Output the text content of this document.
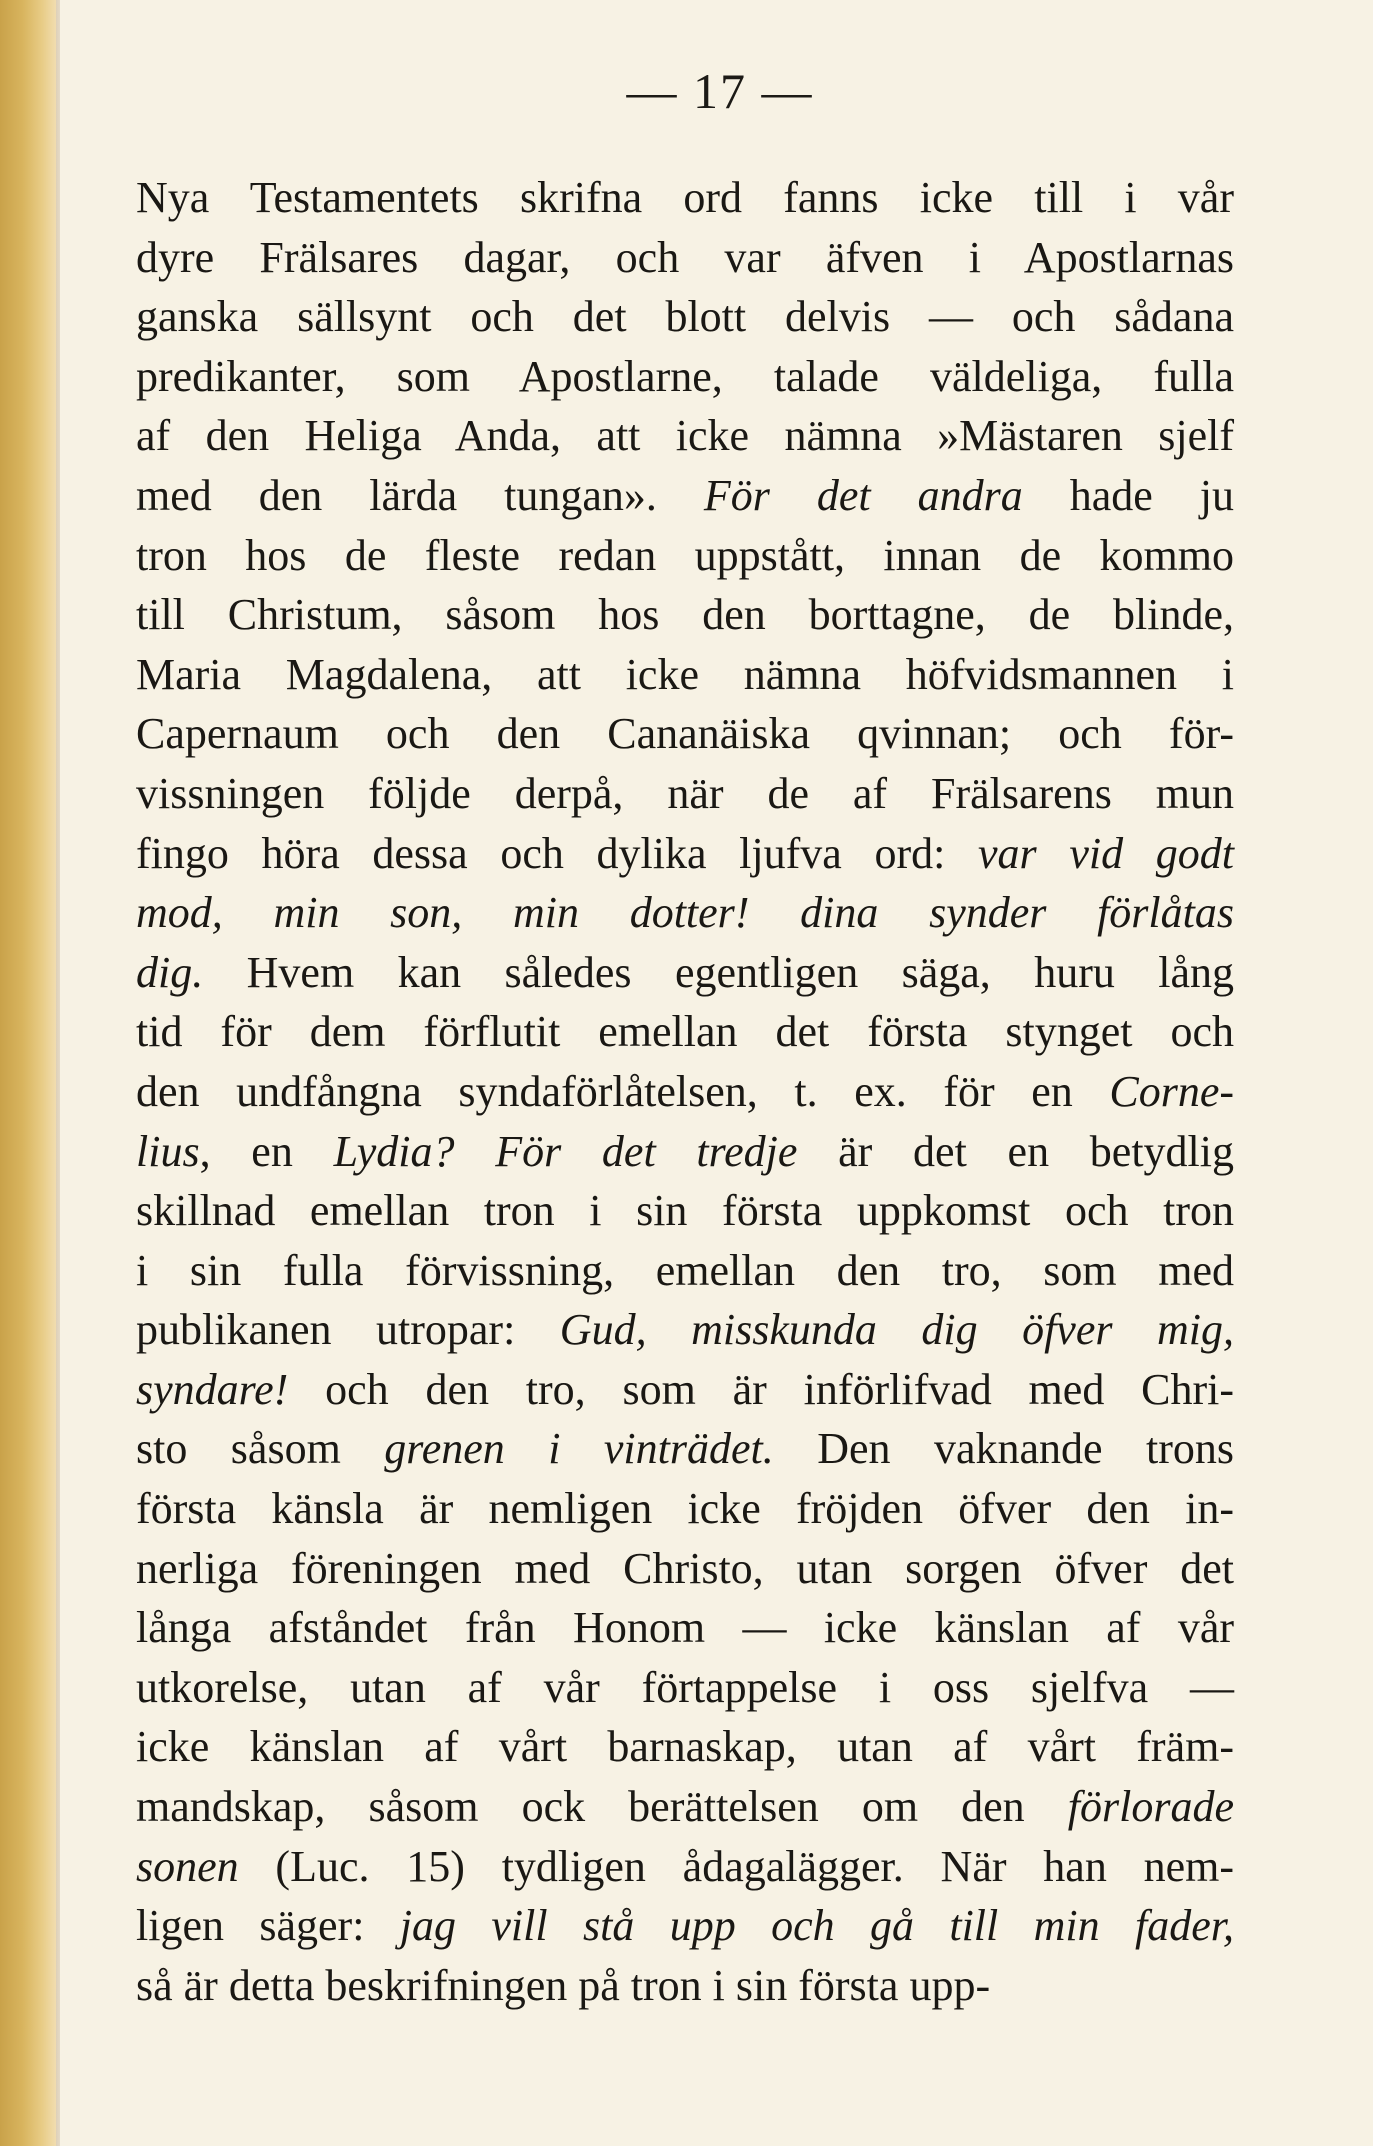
— 17 —
Nya Testamentets skrifna ord fanns icke till i vår
dyre Frälsares dagar, och var äfven i Apostlarnas
ganska sällsynt och det blott delvis — och sådana
predikanter, som Apostlarne, talade väldeliga, fulla
af den Heliga Anda, att icke nämna »Mästaren sjelf
med den lärda tungan». För det andra hade ju
tron hos de fleste redan uppstått, innan de kommo
till Christum, såsom hos den borttagne, de blinde,
Maria Magdalena, att icke nämna höfvidsmannen i
Capernaum och den Cananäiska qvinnan; och för-
vissningen följde derpå, när de af Frälsarens mun
fingo höra dessa och dylika ljufva ord: var vid godt
mod, min son, min dotter! dina synder förlåtas
dig. Hvem kan således egentligen säga, huru lång
tid för dem förflutit emellan det första stynget och
den undfångna syndaförlåtelsen, t. ex. för en Corne-
lius, en Lydia? För det tredje är det en betydlig
skillnad emellan tron i sin första uppkomst och tron
i sin fulla förvissning, emellan den tro, som med
publikanen utropar: Gud, misskunda dig öfver mig,
syndare! och den tro, som är införlifvad med Chri-
sto såsom grenen i vinträdet. Den vaknande trons
första känsla är nemligen icke fröjden öfver den in-
nerliga föreningen med Christo, utan sorgen öfver det
långa afståndet från Honom — icke känslan af vår
utkorelse, utan af vår förtappelse i oss sjelfva —
icke känslan af vårt barnaskap, utan af vårt främ-
mandskap, såsom ock berättelsen om den förlorade
sonen (Luc. 15) tydligen ådagalägger. När han nem-
ligen säger: jag vill stå upp och gå till min fader,
så är detta beskrifningen på tron i sin första upp-
